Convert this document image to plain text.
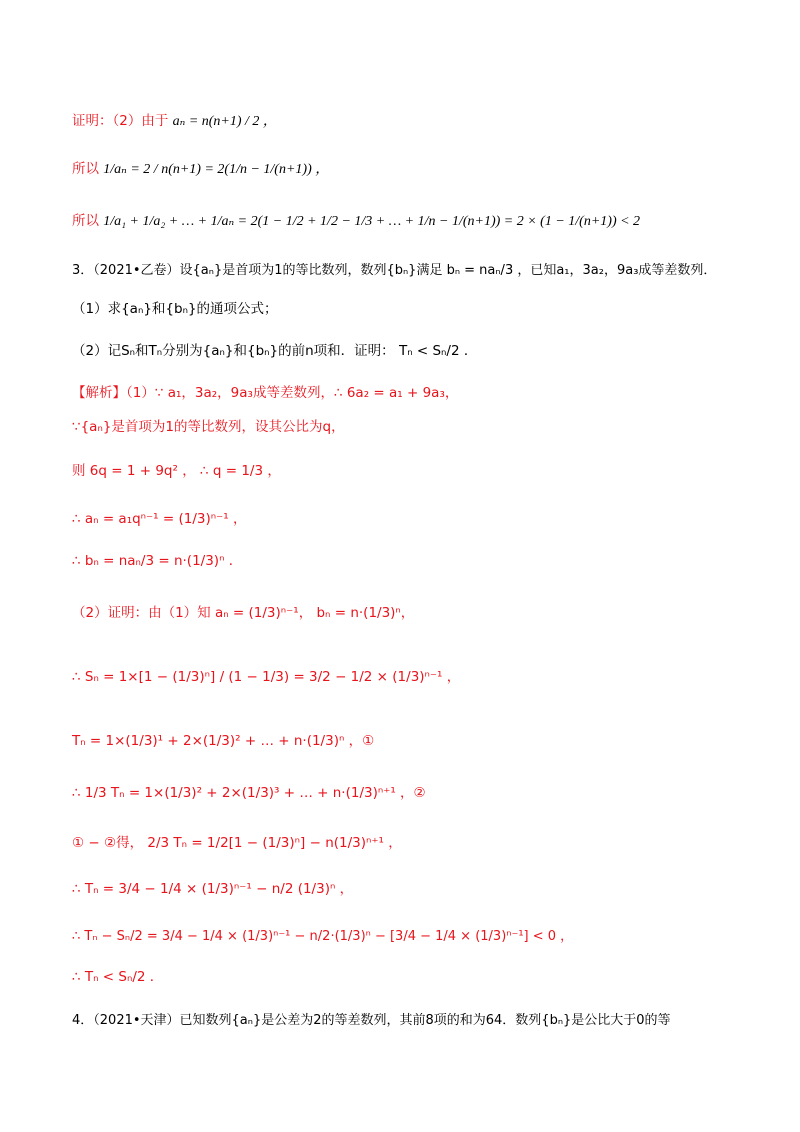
证明：（2）由于 aₙ = n(n+1) / 2 ，
所以 1/aₙ = 2 / n(n+1) = 2(1/n − 1/(n+1)) ，
所以 1/a₁ + 1/a₂ + … + 1/aₙ = 2(1 − 1/2 + 1/2 − 1/3 + … + 1/n − 1/(n+1)) = 2 × (1 − 1/(n+1)) < 2
3．（2021•乙卷）设{aₙ}是首项为1的等比数列，数列{bₙ}满足 bₙ = naₙ/3 ，已知a₁，3a₂，9a₃成等差数列．
（1）求{aₙ}和{bₙ}的通项公式；
（2）记Sₙ和Tₙ分别为{aₙ}和{bₙ}的前n项和．证明： Tₙ < Sₙ/2 ．
【解析】（1）∵ a₁，3a₂，9a₃成等差数列，∴ 6a₂ = a₁ + 9a₃，
∵{aₙ}是首项为1的等比数列，设其公比为q，
则 6q = 1 + 9q² ， ∴ q = 1/3 ，
∴ aₙ = a₁qⁿ⁻¹ = (1/3)ⁿ⁻¹ ，
∴ bₙ = naₙ/3 = n·(1/3)ⁿ ．
（2）证明：由（1）知 aₙ = (1/3)ⁿ⁻¹， bₙ = n·(1/3)ⁿ，
∴ Sₙ = 1×[1 − (1/3)ⁿ] / (1 − 1/3) = 3/2 − 1/2 × (1/3)ⁿ⁻¹ ，
Tₙ = 1×(1/3)¹ + 2×(1/3)² + … + n·(1/3)ⁿ ，①
∴ 1/3 Tₙ = 1×(1/3)² + 2×(1/3)³ + … + n·(1/3)ⁿ⁺¹ ，②
① − ②得， 2/3 Tₙ = 1/2[1 − (1/3)ⁿ] − n(1/3)ⁿ⁺¹ ，
∴ Tₙ = 3/4 − 1/4 × (1/3)ⁿ⁻¹ − n/2 (1/3)ⁿ ，
∴ Tₙ − Sₙ/2 = 3/4 − 1/4 × (1/3)ⁿ⁻¹ − n/2·(1/3)ⁿ − [3/4 − 1/4 × (1/3)ⁿ⁻¹] < 0 ，
∴ Tₙ < Sₙ/2 ．
4．（2021•天津）已知数列{aₙ}是公差为2的等差数列，其前8项的和为64．数列{bₙ}是公比大于0的等
